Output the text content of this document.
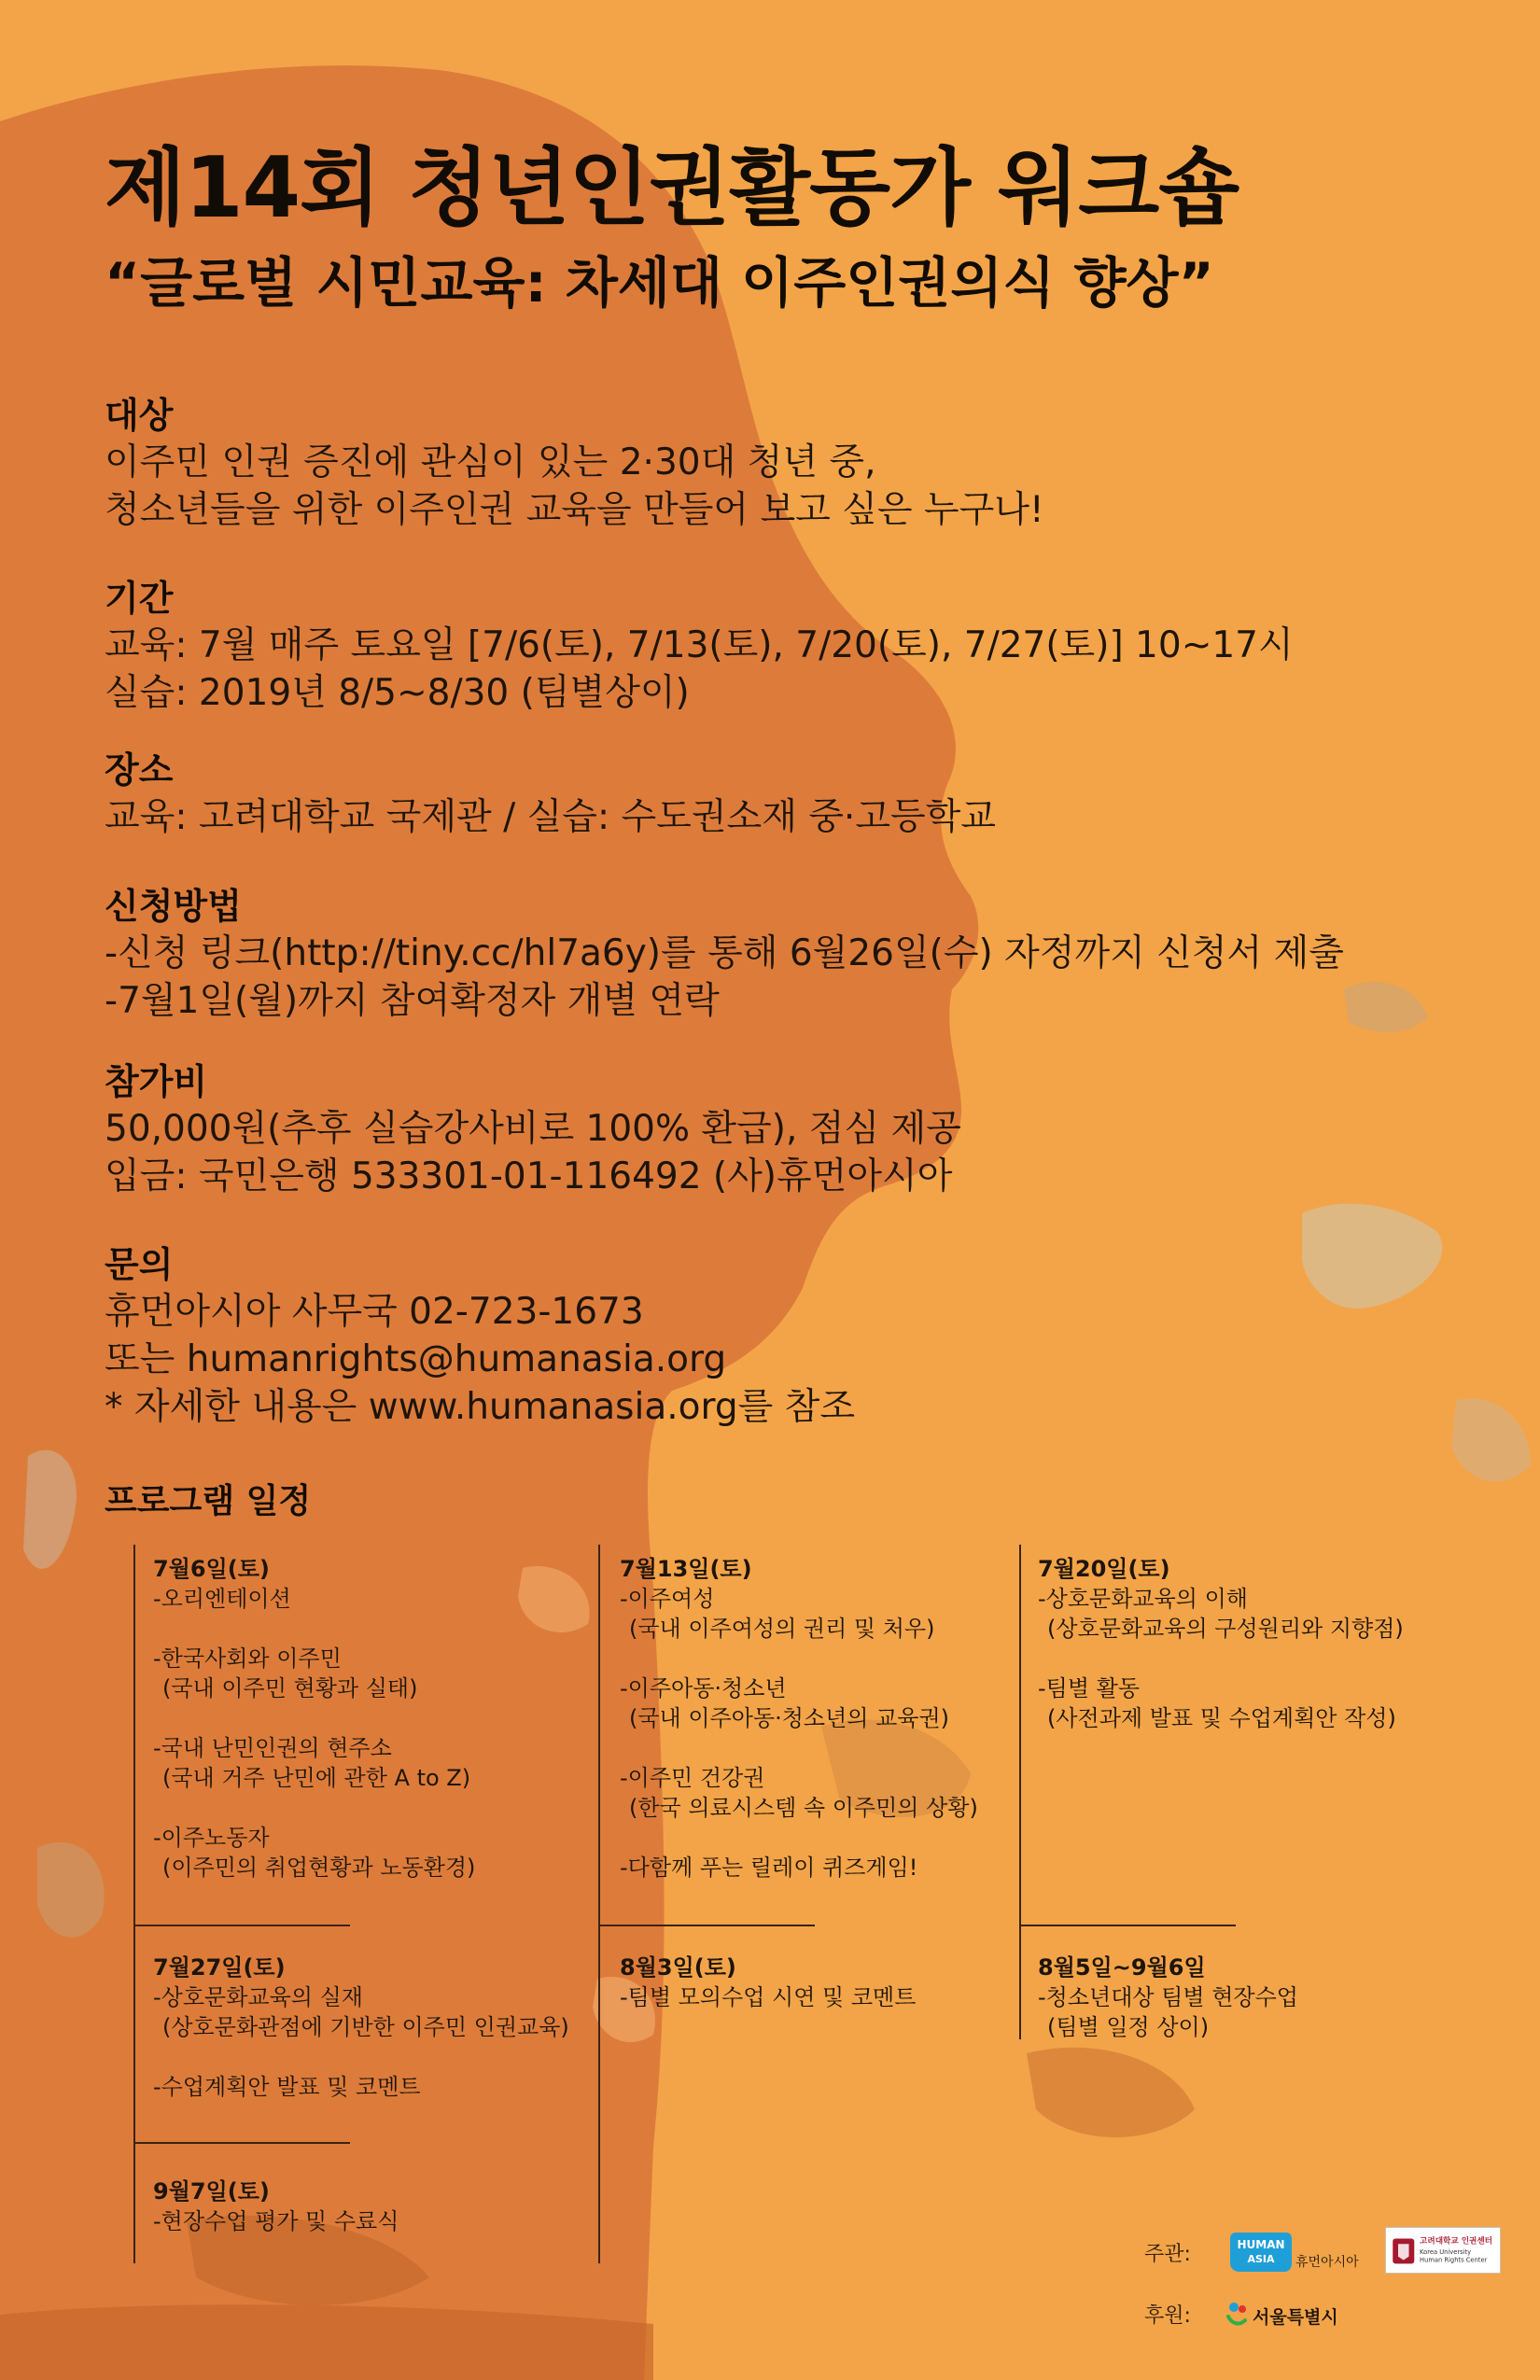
제14회 청년인권활동가 워크숍
“글로벌 시민교육: 차세대 이주인권의식 향상”
대상

이주민 인권 증진에 관심이 있는 2·30대 청년 중,

청소년들을 위한 이주인권 교육을 만들어 보고 싶은 누구나!

기간

교육: 7월 매주 토요일 [7/6(토), 7/13(토), 7/20(토), 7/27(토)] 10~17시

실습: 2019년 8/5~8/30 (팀별상이)

장소

교육: 고려대학교 국제관 / 실습: 수도권소재 중·고등학교

신청방법

-신청 링크(http://tiny.cc/hl7a6y)를 통해 6월26일(수) 자정까지 신청서 제출

-7월1일(월)까지 참여확정자 개별 연락

참가비

50,000원(추후 실습강사비로 100% 환급), 점심 제공

입금: 국민은행 533301-01-116492 (사)휴먼아시아

문의

휴먼아시아 사무국 02-723-1673

또는 humanrights@humanasia.org

* 자세한 내용은 www.humanasia.org를 참조

프로그램 일정
7월6일(토)
-오리엔테이션
-한국사회와 이주민
(국내 이주민 현황과 실태)
-국내 난민인권의 현주소
(국내 거주 난민에 관한 A to Z)
-이주노동자
(이주민의 취업현황과 노동환경)
7월13일(토)
-이주여성
(국내 이주여성의 권리 및 처우)
-이주아동·청소년
(국내 이주아동·청소년의 교육권)
-이주민 건강권
(한국 의료시스템 속 이주민의 상황)
-다함께 푸는 릴레이 퀴즈게임!
7월20일(토)
-상호문화교육의 이해
(상호문화교육의 구성원리와 지향점)
-팀별 활동
(사전과제 발표 및 수업계획안 작성)
7월27일(토)
-상호문화교육의 실재
(상호문화관점에 기반한 이주민 인권교육)
-수업계획안 발표 및 코멘트
8월3일(토)
-팀별 모의수업 시연 및 코멘트
8월5일~9월6일
-청소년대상 팀별 현장수업
(팀별 일정 상이)
9월7일(토)
-현장수업 평가 및 수료식
주관:
후원:
HUMAN
ASIA 휴먼아시아
고려대학교 인권센터
Korea University
Human Rights Center
서울특별시
